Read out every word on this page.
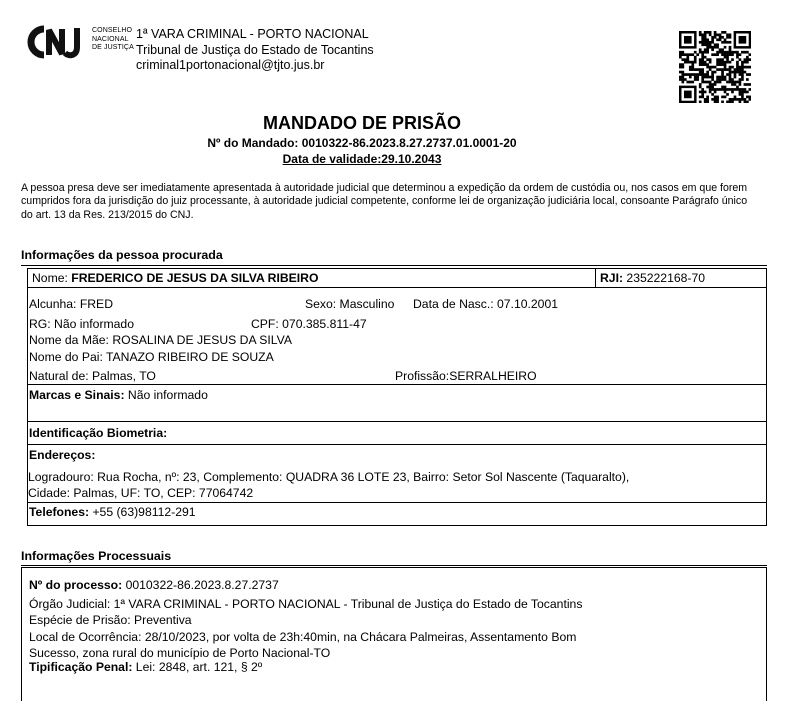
CONSELHO
NACIONAL
DE JUSTIÇA
1ª VARA CRIMINAL - PORTO NACIONAL
Tribunal de Justiça do Estado de Tocantins
criminal1portonacional@tjto.jus.br
MANDADO DE PRISÃO
Nº do Mandado: 0010322-86.2023.8.27.2737.01.0001-20
Data de validade:29.10.2043
A pessoa presa deve ser imediatamente apresentada à autoridade judicial que determinou a expedição da ordem de custódia ou, nos casos em que forem cumpridos fora da jurisdição do juiz processante, à autoridade judicial competente, conforme lei de organização judiciária local, consoante Parágrafo único do art. 13 da Res. 213/2015 do CNJ.
Informações da pessoa procurada
Nome: FREDERICO DE JESUS DA SILVA RIBEIRO	RJI: 235222168-70
Alcunha: FRED	Sexo: Masculino Data de Nasc.: 07.10.2001
RG: Não informado	CPF: 070.385.811-47
Nome da Mãe: ROSALINA DE JESUS DA SILVA
Nome do Pai: TANAZO RIBEIRO DE SOUZA
Natural de: Palmas, TO	Profissão:SERRALHEIRO
Marcas e Sinais: Não informado
Identificação Biometria:
Endereços:
Logradouro: Rua Rocha, nº: 23, Complemento: QUADRA 36 LOTE 23, Bairro: Setor Sol Nascente (Taquaralto),
Cidade: Palmas, UF: TO, CEP: 77064742
Telefones: +55 (63)98112-291
Informações Processuais
Nº do processo: 0010322-86.2023.8.27.2737
Órgão Judicial: 1ª VARA CRIMINAL - PORTO NACIONAL - Tribunal de Justiça do Estado de Tocantins
Espécie de Prisão: Preventiva
Local de Ocorrência: 28/10/2023, por volta de 23h:40min, na Chácara Palmeiras, Assentamento Bom
Sucesso, zona rural do município de Porto Nacional-TO
Tipificação Penal: Lei: 2848, art. 121, § 2º
